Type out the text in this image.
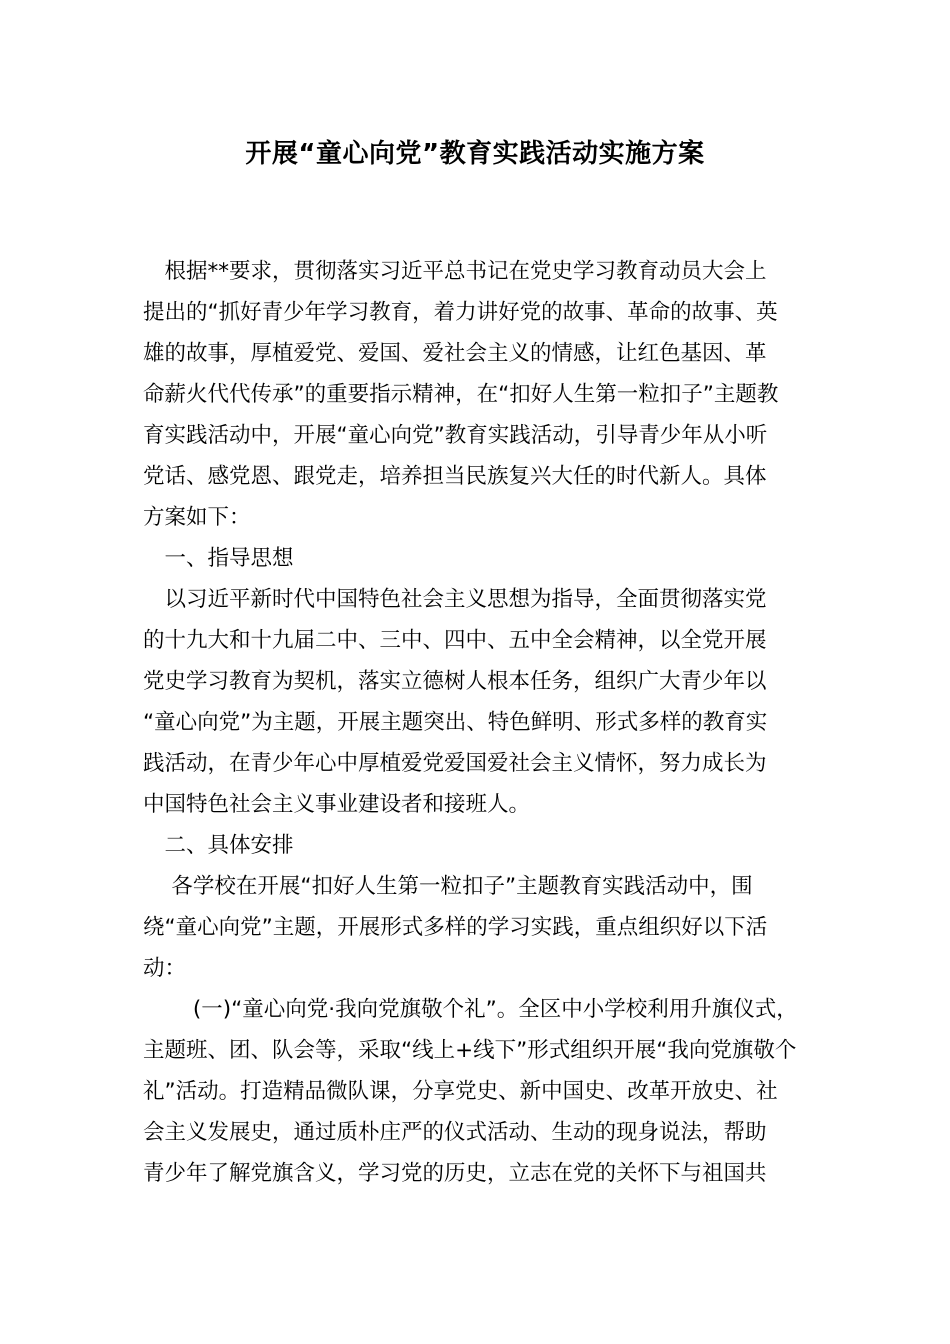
开展“童心向党”教育实践活动实施方案
　根据**要求，贯彻落实习近平总书记在党史学习教育动员大会上
提出的“抓好青少年学习教育，着力讲好党的故事、革命的故事、英
雄的故事，厚植爱党、爱国、爱社会主义的情感，让红色基因、革
命薪火代代传承”的重要指示精神，在“扣好人生第一粒扣子”主题教
育实践活动中，开展“童心向党”教育实践活动，引导青少年从小听
党话、感党恩、跟党走，培养担当民族复兴大任的时代新人。具体
方案如下：
　一、指导思想
　以习近平新时代中国特色社会主义思想为指导，全面贯彻落实党
的十九大和十九届二中、三中、四中、五中全会精神，以全党开展
党史学习教育为契机，落实立德树人根本任务，组织广大青少年以
“童心向党”为主题，开展主题突出、特色鲜明、形式多样的教育实
践活动，在青少年心中厚植爱党爱国爱社会主义情怀，努力成长为
中国特色社会主义事业建设者和接班人。
　二、具体安排
　 各学校在开展“扣好人生第一粒扣子”主题教育实践活动中，围
绕“童心向党”主题，开展形式多样的学习实践，重点组织好以下活
动：
　 　(一)“童心向党·我向党旗敬个礼”。全区中小学校利用升旗仪式，
主题班、团、队会等，采取“线上+线下”形式组织开展“我向党旗敬个
礼”活动。打造精品微队课，分享党史、新中国史、改革开放史、社
会主义发展史，通过质朴庄严的仪式活动、生动的现身说法，帮助
青少年了解党旗含义，学习党的历史，立志在党的关怀下与祖国共
